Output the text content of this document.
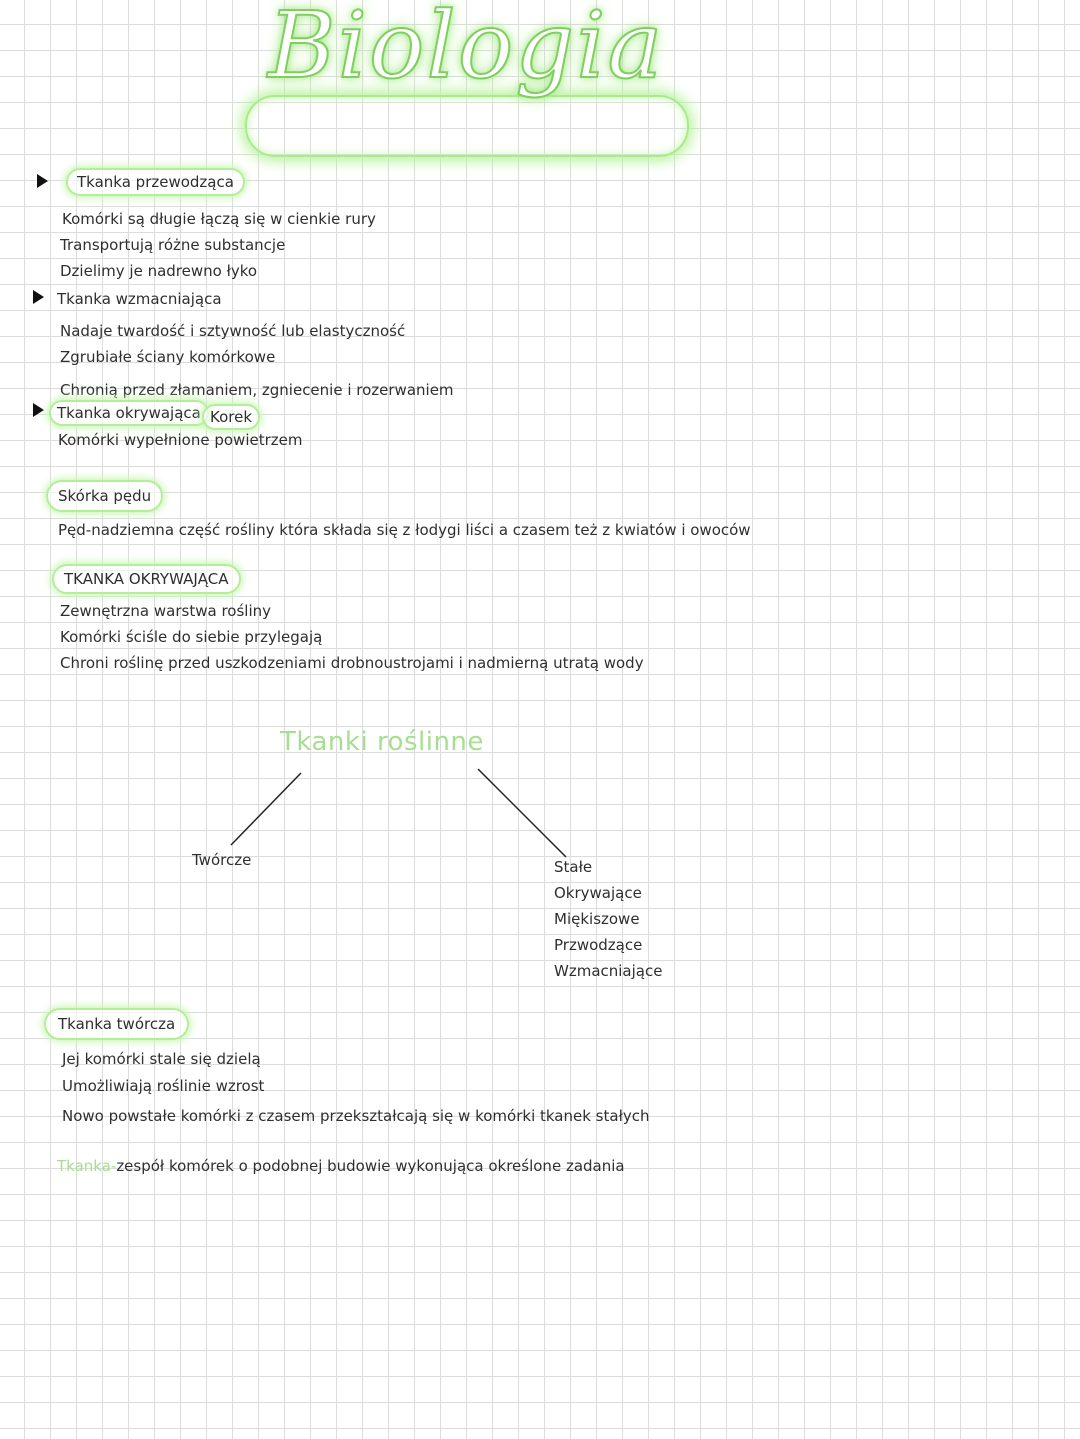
Biologia
Tkanka przewodząca
Komórki są długie łączą się w cienkie rury
Transportują różne substancje
Dzielimy je nadrewno łyko
Tkanka wzmacniająca
Nadaje twardość i sztywność lub elastyczność
Zgrubiałe ściany komórkowe
Chronią przed złamaniem, zgniecenie i rozerwaniem
Tkanka okrywająca Korek
Komórki wypełnione powietrzem
Skórka pędu
Pęd-nadziemna część rośliny która składa się z łodygi liści a czasem też z kwiatów i owoców
TKANKA OKRYWAJĄCA
Zewnętrzna warstwa rośliny
Komórki ściśle do siebie przylegają
Chroni roślinę przed uszkodzeniami drobnoustrojami i nadmierną utratą wody
Tkanki roślinne
Twórcze	Stałe
Okrywające
Miękiszowe
Przwodzące
Wzmacniające
Tkanka twórcza
Jej komórki stale się dzielą
Umożliwiają roślinie wzrost
Nowo powstałe komórki z czasem przekształcają się w komórki tkanek stałych
Tkanka-zespół komórek o podobnej budowie wykonująca określone zadania
